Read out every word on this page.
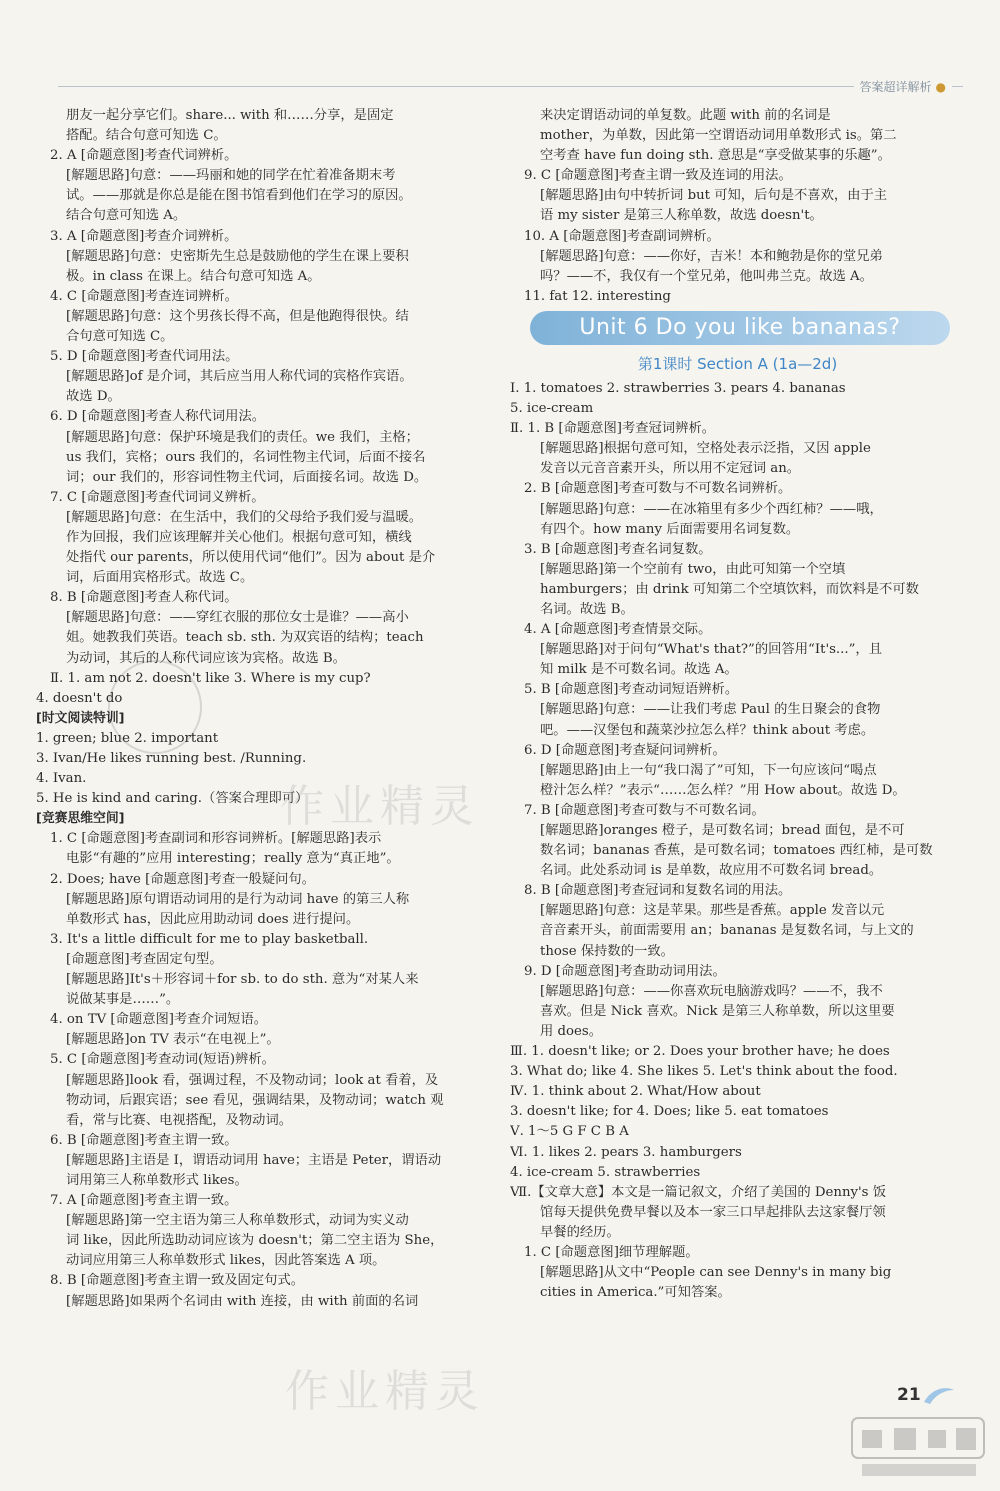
答案超详解析 ●
朋友一起分享它们。share... with 和……分享，是固定
搭配。结合句意可知选 C。
2. A [命题意图]考查代词辨析。
[解题思路]句意：——玛丽和她的同学在忙着准备期末考
试。——那就是你总是能在图书馆看到他们在学习的原因。
结合句意可知选 A。
3. A [命题意图]考查介词辨析。
[解题思路]句意：史密斯先生总是鼓励他的学生在课上要积
极。in class 在课上。结合句意可知选 A。
4. C [命题意图]考查连词辨析。
[解题思路]句意：这个男孩长得不高，但是他跑得很快。结
合句意可知选 C。
5. D [命题意图]考查代词用法。
[解题思路]of 是介词，其后应当用人称代词的宾格作宾语。
故选 D。
6. D [命题意图]考查人称代词用法。
[解题思路]句意：保护环境是我们的责任。we 我们，主格；
us 我们，宾格；ours 我们的，名词性物主代词，后面不接名
词；our 我们的，形容词性物主代词，后面接名词。故选 D。
7. C [命题意图]考查代词词义辨析。
[解题思路]句意：在生活中，我们的父母给予我们爱与温暖。
作为回报，我们应该理解并关心他们。根据句意可知，横线
处指代 our parents，所以使用代词“他们”。因为 about 是介
词，后面用宾格形式。故选 C。
8. B [命题意图]考查人称代词。
[解题思路]句意：——穿红衣服的那位女士是谁？——高小
姐。她教我们英语。teach sb. sth. 为双宾语的结构；teach
为动词，其后的人称代词应该为宾格。故选 B。
Ⅱ. 1. am not 2. doesn't like 3. Where is my cup?
4. doesn't do
[时文阅读特训]
1. green; blue 2. important
3. Ivan/He likes running best. /Running.
4. Ivan.
5. He is kind and caring.（答案合理即可）
[竞赛思维空间]
1. C [命题意图]考查副词和形容词辨析。[解题思路]表示
电影“有趣的”应用 interesting；really 意为“真正地”。
2. Does; have [命题意图]考查一般疑问句。
[解题思路]原句谓语动词用的是行为动词 have 的第三人称
单数形式 has，因此应用助动词 does 进行提问。
3. It's a little difficult for me to play basketball.
[命题意图]考查固定句型。
[解题思路]It's＋形容词＋for sb. to do sth. 意为“对某人来
说做某事是……”。
4. on TV [命题意图]考查介词短语。
[解题思路]on TV 表示“在电视上”。
5. C [命题意图]考查动词(短语)辨析。
[解题思路]look 看，强调过程，不及物动词；look at 看着，及
物动词，后跟宾语；see 看见，强调结果，及物动词；watch 观
看，常与比赛、电视搭配，及物动词。
6. B [命题意图]考查主谓一致。
[解题思路]主语是 I，谓语动词用 have；主语是 Peter，谓语动
词用第三人称单数形式 likes。
7. A [命题意图]考查主谓一致。
[解题思路]第一空主语为第三人称单数形式，动词为实义动
词 like，因此所选助动词应该为 doesn't；第二空主语为 She，
动词应用第三人称单数形式 likes，因此答案选 A 项。
8. B [命题意图]考查主谓一致及固定句式。
[解题思路]如果两个名词由 with 连接，由 with 前面的名词
来决定谓语动词的单复数。此题 with 前的名词是
mother，为单数，因此第一空谓语动词用单数形式 is。第二
空考查 have fun doing sth. 意思是“享受做某事的乐趣”。
9. C [命题意图]考查主谓一致及连词的用法。
[解题思路]由句中转折词 but 可知，后句是不喜欢，由于主
语 my sister 是第三人称单数，故选 doesn't。
10. A [命题意图]考查副词辨析。
[解题思路]句意：——你好，吉米！本和鲍勃是你的堂兄弟
吗？——不，我仅有一个堂兄弟，他叫弗兰克。故选 A。
11. fat 12. interesting
Unit 6 Do you like bananas?
第1课时 Section A (1a—2d)
Ⅰ. 1. tomatoes 2. strawberries 3. pears 4. bananas
5. ice-cream
Ⅱ. 1. B [命题意图]考查冠词辨析。
[解题思路]根据句意可知，空格处表示泛指，又因 apple
发音以元音音素开头，所以用不定冠词 an。
2. B [命题意图]考查可数与不可数名词辨析。
[解题思路]句意：——在冰箱里有多少个西红柿？——哦，
有四个。how many 后面需要用名词复数。
3. B [命题意图]考查名词复数。
[解题思路]第一个空前有 two，由此可知第一个空填
hamburgers；由 drink 可知第二个空填饮料，而饮料是不可数
名词。故选 B。
4. A [命题意图]考查情景交际。
[解题思路]对于问句“What's that?”的回答用“It's...”，且
知 milk 是不可数名词。故选 A。
5. B [命题意图]考查动词短语辨析。
[解题思路]句意：——让我们考虑 Paul 的生日聚会的食物
吧。——汉堡包和蔬菜沙拉怎么样？think about 考虑。
6. D [命题意图]考查疑问词辨析。
[解题思路]由上一句“我口渴了”可知，下一句应该问“喝点
橙汁怎么样？”表示“……怎么样？”用 How about。故选 D。
7. B [命题意图]考查可数与不可数名词。
[解题思路]oranges 橙子，是可数名词；bread 面包，是不可
数名词；bananas 香蕉，是可数名词；tomatoes 西红柿，是可数
名词。此处系动词 is 是单数，故应用不可数名词 bread。
8. B [命题意图]考查冠词和复数名词的用法。
[解题思路]句意：这是苹果。那些是香蕉。apple 发音以元
音音素开头，前面需要用 an；bananas 是复数名词，与上文的
those 保持数的一致。
9. D [命题意图]考查助动词用法。
[解题思路]句意：——你喜欢玩电脑游戏吗？——不，我不
喜欢。但是 Nick 喜欢。Nick 是第三人称单数，所以这里要
用 does。
Ⅲ. 1. doesn't like; or 2. Does your brother have; he does
3. What do; like 4. She likes 5. Let's think about the food.
Ⅳ. 1. think about 2. What/How about
3. doesn't like; for 4. Does; like 5. eat tomatoes
Ⅴ. 1～5 G F C B A
Ⅵ. 1. likes 2. pears 3. hamburgers
4. ice-cream 5. strawberries
Ⅶ.【文章大意】本文是一篇记叙文，介绍了美国的 Denny's 饭
馆每天提供免费早餐以及本一家三口早起排队去这家餐厅领
早餐的经历。
1. C [命题意图]细节理解题。
[解题思路]从文中“People can see Denny's in many big
cities in America.”可知答案。
作业精灵
作业精灵	21
